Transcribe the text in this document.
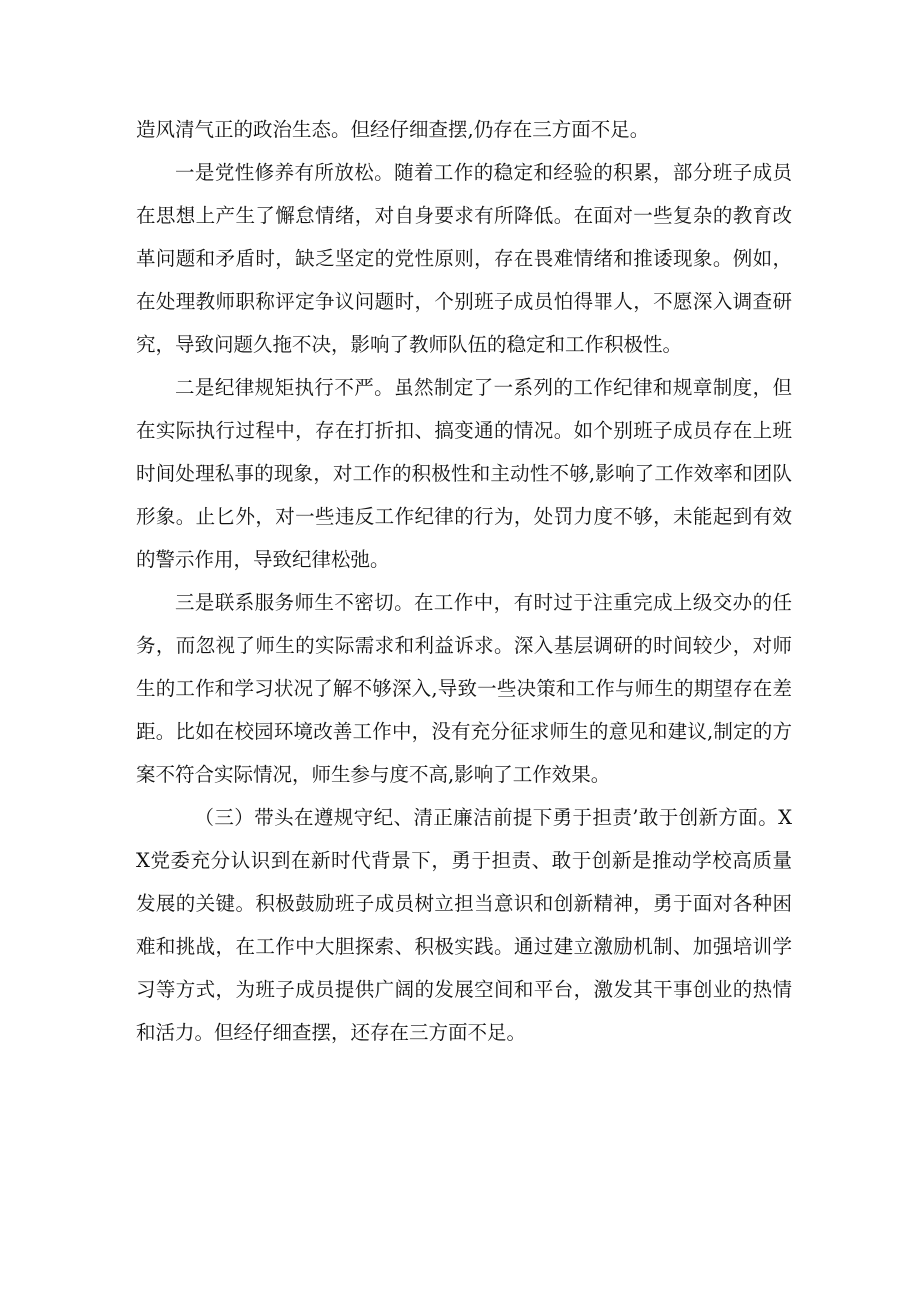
造风清气正的政治生态。但经仔细查摆,仍存在三方面不足。

一是党性修养有所放松。随着工作的稳定和经验的积累，部分班子成员在思想上产生了懈怠情绪，对自身要求有所降低。在面对一些复杂的教育改革问题和矛盾时，缺乏坚定的党性原则，存在畏难情绪和推诿现象。例如，在处理教师职称评定争议问题时，个别班子成员怕得罪人，不愿深入调查研究，导致问题久拖不决，影响了教师队伍的稳定和工作积极性。

二是纪律规矩执行不严。虽然制定了一系列的工作纪律和规章制度，但在实际执行过程中，存在打折扣、搞变通的情况。如个别班子成员存在上班时间处理私事的现象，对工作的积极性和主动性不够,影响了工作效率和团队形象。止匕外，对一些违反工作纪律的行为，处罚力度不够，未能起到有效的警示作用，导致纪律松弛。

三是联系服务师生不密切。在工作中，有时过于注重完成上级交办的任务，而忽视了师生的实际需求和利益诉求。深入基层调研的时间较少，对师生的工作和学习状况了解不够深入,导致一些决策和工作与师生的期望存在差距。比如在校园环境改善工作中，没有充分征求师生的意见和建议,制定的方案不符合实际情况，师生参与度不高,影响了工作效果。

（三）带头在遵规守纪、清正廉洁前提下勇于担责’敢于创新方面。XX党委充分认识到在新时代背景下，勇于担责、敢于创新是推动学校高质量发展的关键。积极鼓励班子成员树立担当意识和创新精神，勇于面对各种困难和挑战，在工作中大胆探索、积极实践。通过建立激励机制、加强培训学习等方式，为班子成员提供广阔的发展空间和平台，激发其干事创业的热情和活力。但经仔细查摆，还存在三方面不足。
